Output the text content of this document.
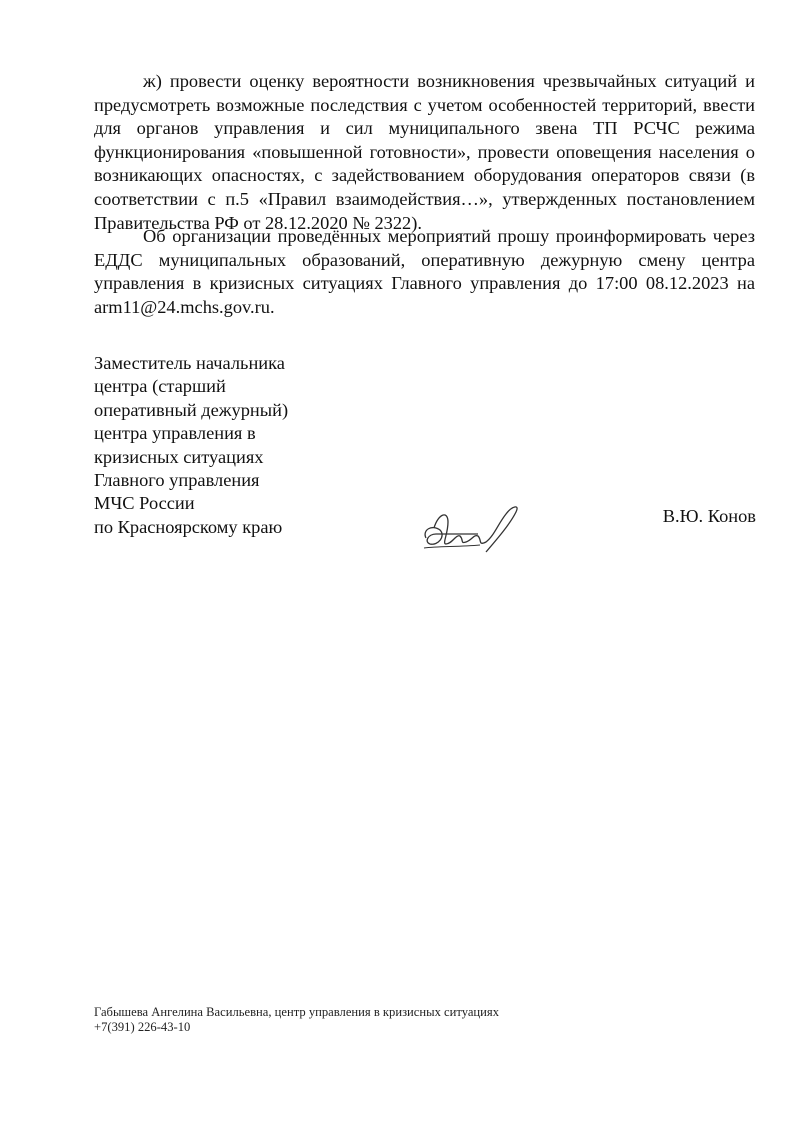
ж) провести оценку вероятности возникновения чрезвычайных ситуаций и предусмотреть возможные последствия с учетом особенностей территорий, ввести для органов управления и сил муниципального звена ТП РСЧС режима функционирования «повышенной готовности», провести оповещения населения о возникающих опасностях, с задействованием оборудования операторов связи (в соответствии с п.5 «Правил взаимодействия…», утвержденных постановлением Правительства РФ от 28.12.2020 № 2322).

Об организации проведённых мероприятий прошу проинформировать через ЕДДС муниципальных образований, оперативную дежурную смену центра управления в кризисных ситуациях Главного управления до 17:00 08.12.2023 на arm11@24.mchs.gov.ru.

Заместитель начальника
центра (старший
оперативный дежурный)
центра управления в
кризисных ситуациях
Главного управления
МЧС России
по Красноярскому краю
В.Ю. Конов
Габышева Ангелина Васильевна, центр управления в кризисных ситуациях
+7(391) 226-43-10
